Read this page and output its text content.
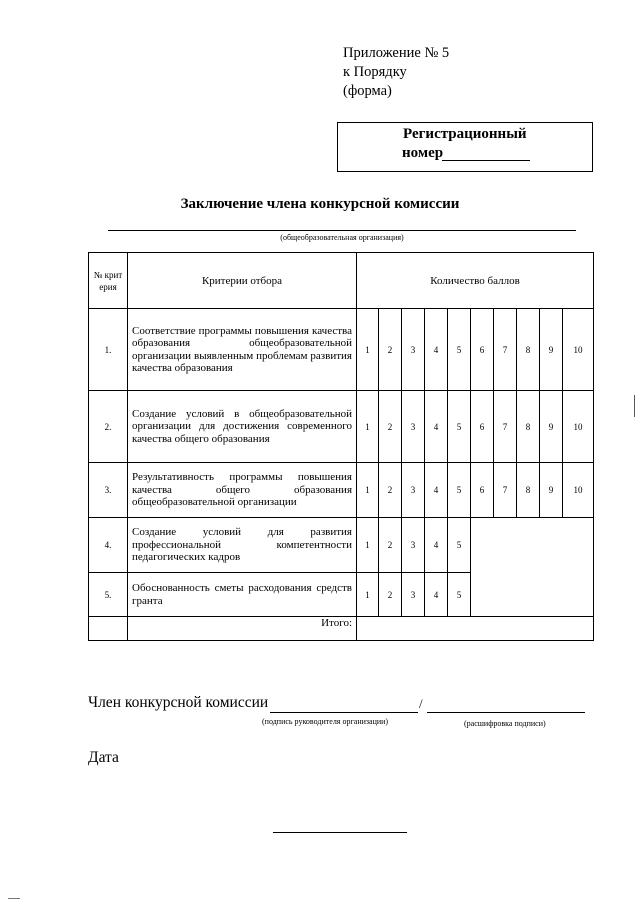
Приложение № 5
к Порядку
(форма)
Регистрационный
номер
Заключение члена конкурсной комиссии
(общеобразовательная организация)
№ крит ерия	Критерии отбора	Количество баллов									
1.	Соответствие программы повышения качества образования общеобразовательной организации выявленным проблемам развития качества образования	1	2	3	4	5	6	7	8	9	10
2.	Создание условий в общеобразовательной организации для достижения современного качества общего образования	1	2	3	4	5	6	7	8	9	10
3.	Результативность программы повышения качества общего образования общеобразовательной организации	1	2	3	4	5	6	7	8	9	10
4.	Создание условий для развития профессиональной компетентности педагогических кадров	1	2	3	4	5					
5.	Обоснованность сметы расходования средств гранта	1	2	3	4	5					
	Итого:										
Член конкурсной комиссии	/
(подпись руководителя организации)	(расшифровка подписи)
Дата
